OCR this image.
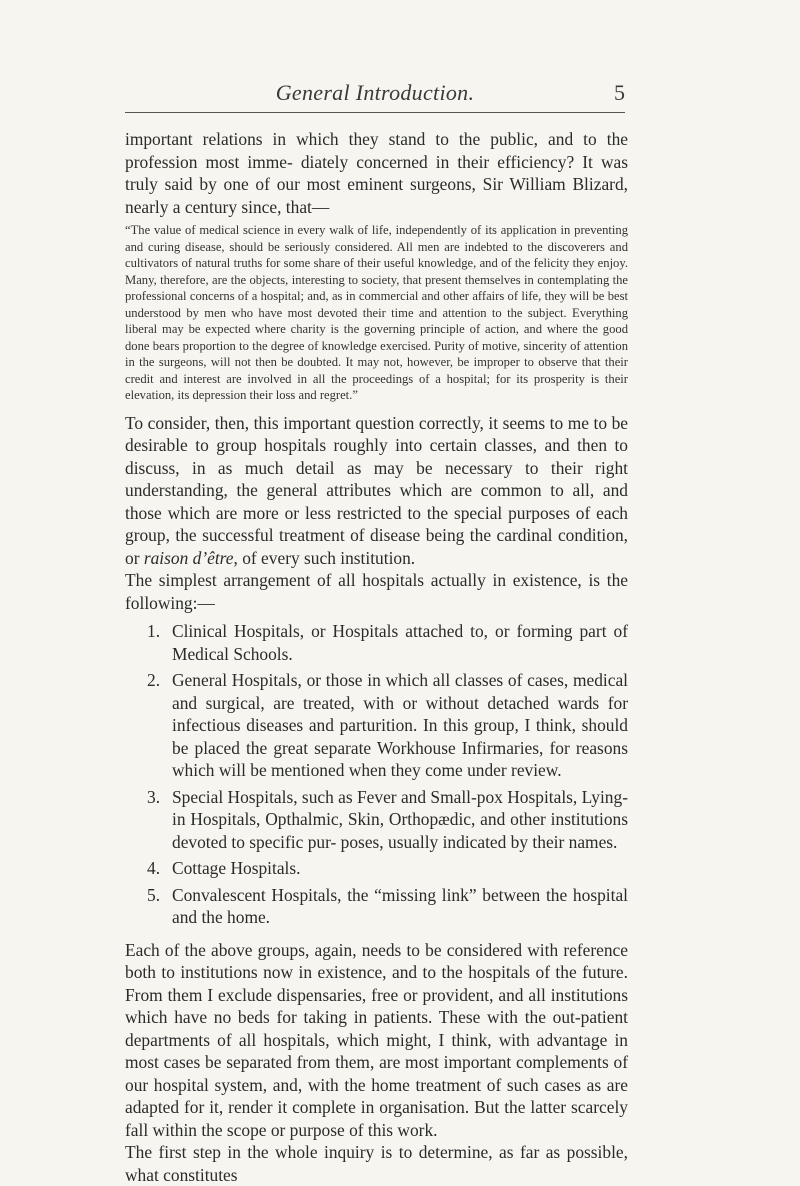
General Introduction.	5

important relations in which they stand to the public, and to the profession most imme- diately concerned in their efficiency? It was truly said by one of our most eminent surgeons, Sir William Blizard, nearly a century since, that—

“The value of medical science in every walk of life, independently of its application in preventing and curing disease, should be seriously considered. All men are indebted to the discoverers and cultivators of natural truths for some share of their useful knowledge, and of the felicity they enjoy. Many, therefore, are the objects, interesting to society, that present themselves in contemplating the professional concerns of a hospital; and, as in commercial and other affairs of life, they will be best understood by men who have most devoted their time and attention to the subject. Everything liberal may be expected where charity is the governing principle of action, and where the good done bears proportion to the degree of knowledge exercised. Purity of motive, sincerity of attention in the surgeons, will not then be doubted. It may not, however, be improper to observe that their credit and interest are involved in all the proceedings of a hospital; for its prosperity is their elevation, its depression their loss and regret.”

To consider, then, this important question correctly, it seems to me to be desirable to group hospitals roughly into certain classes, and then to discuss, in as much detail as may be necessary to their right understanding, the general attributes which are common to all, and those which are more or less restricted to the special purposes of each group, the successful treatment of disease being the cardinal condition, or raison d’être, of every such institution.

The simplest arrangement of all hospitals actually in existence, is the following:—

1. Clinical Hospitals, or Hospitals attached to, or forming part of Medical Schools.
2. General Hospitals, or those in which all classes of cases, medical and surgical, are treated, with or without detached wards for infectious diseases and parturition. In this group, I think, should be placed the great separate Workhouse Infirmaries, for reasons which will be mentioned when they come under review.
3. Special Hospitals, such as Fever and Small-pox Hospitals, Lying-in Hospitals, Opthalmic, Skin, Orthopædic, and other institutions devoted to specific pur- poses, usually indicated by their names.
4. Cottage Hospitals.
5. Convalescent Hospitals, the “missing link” between the hospital and the home.

Each of the above groups, again, needs to be considered with reference both to institutions now in existence, and to the hospitals of the future. From them I exclude dispensaries, free or provident, and all institutions which have no beds for taking in patients. These with the out-patient departments of all hospitals, which might, I think, with advantage in most cases be separated from them, are most important complements of our hospital system, and, with the home treatment of such cases as are adapted for it, render it complete in organisation. But the latter scarcely fall within the scope or purpose of this work.

The first step in the whole inquiry is to determine, as far as possible, what constitutes
